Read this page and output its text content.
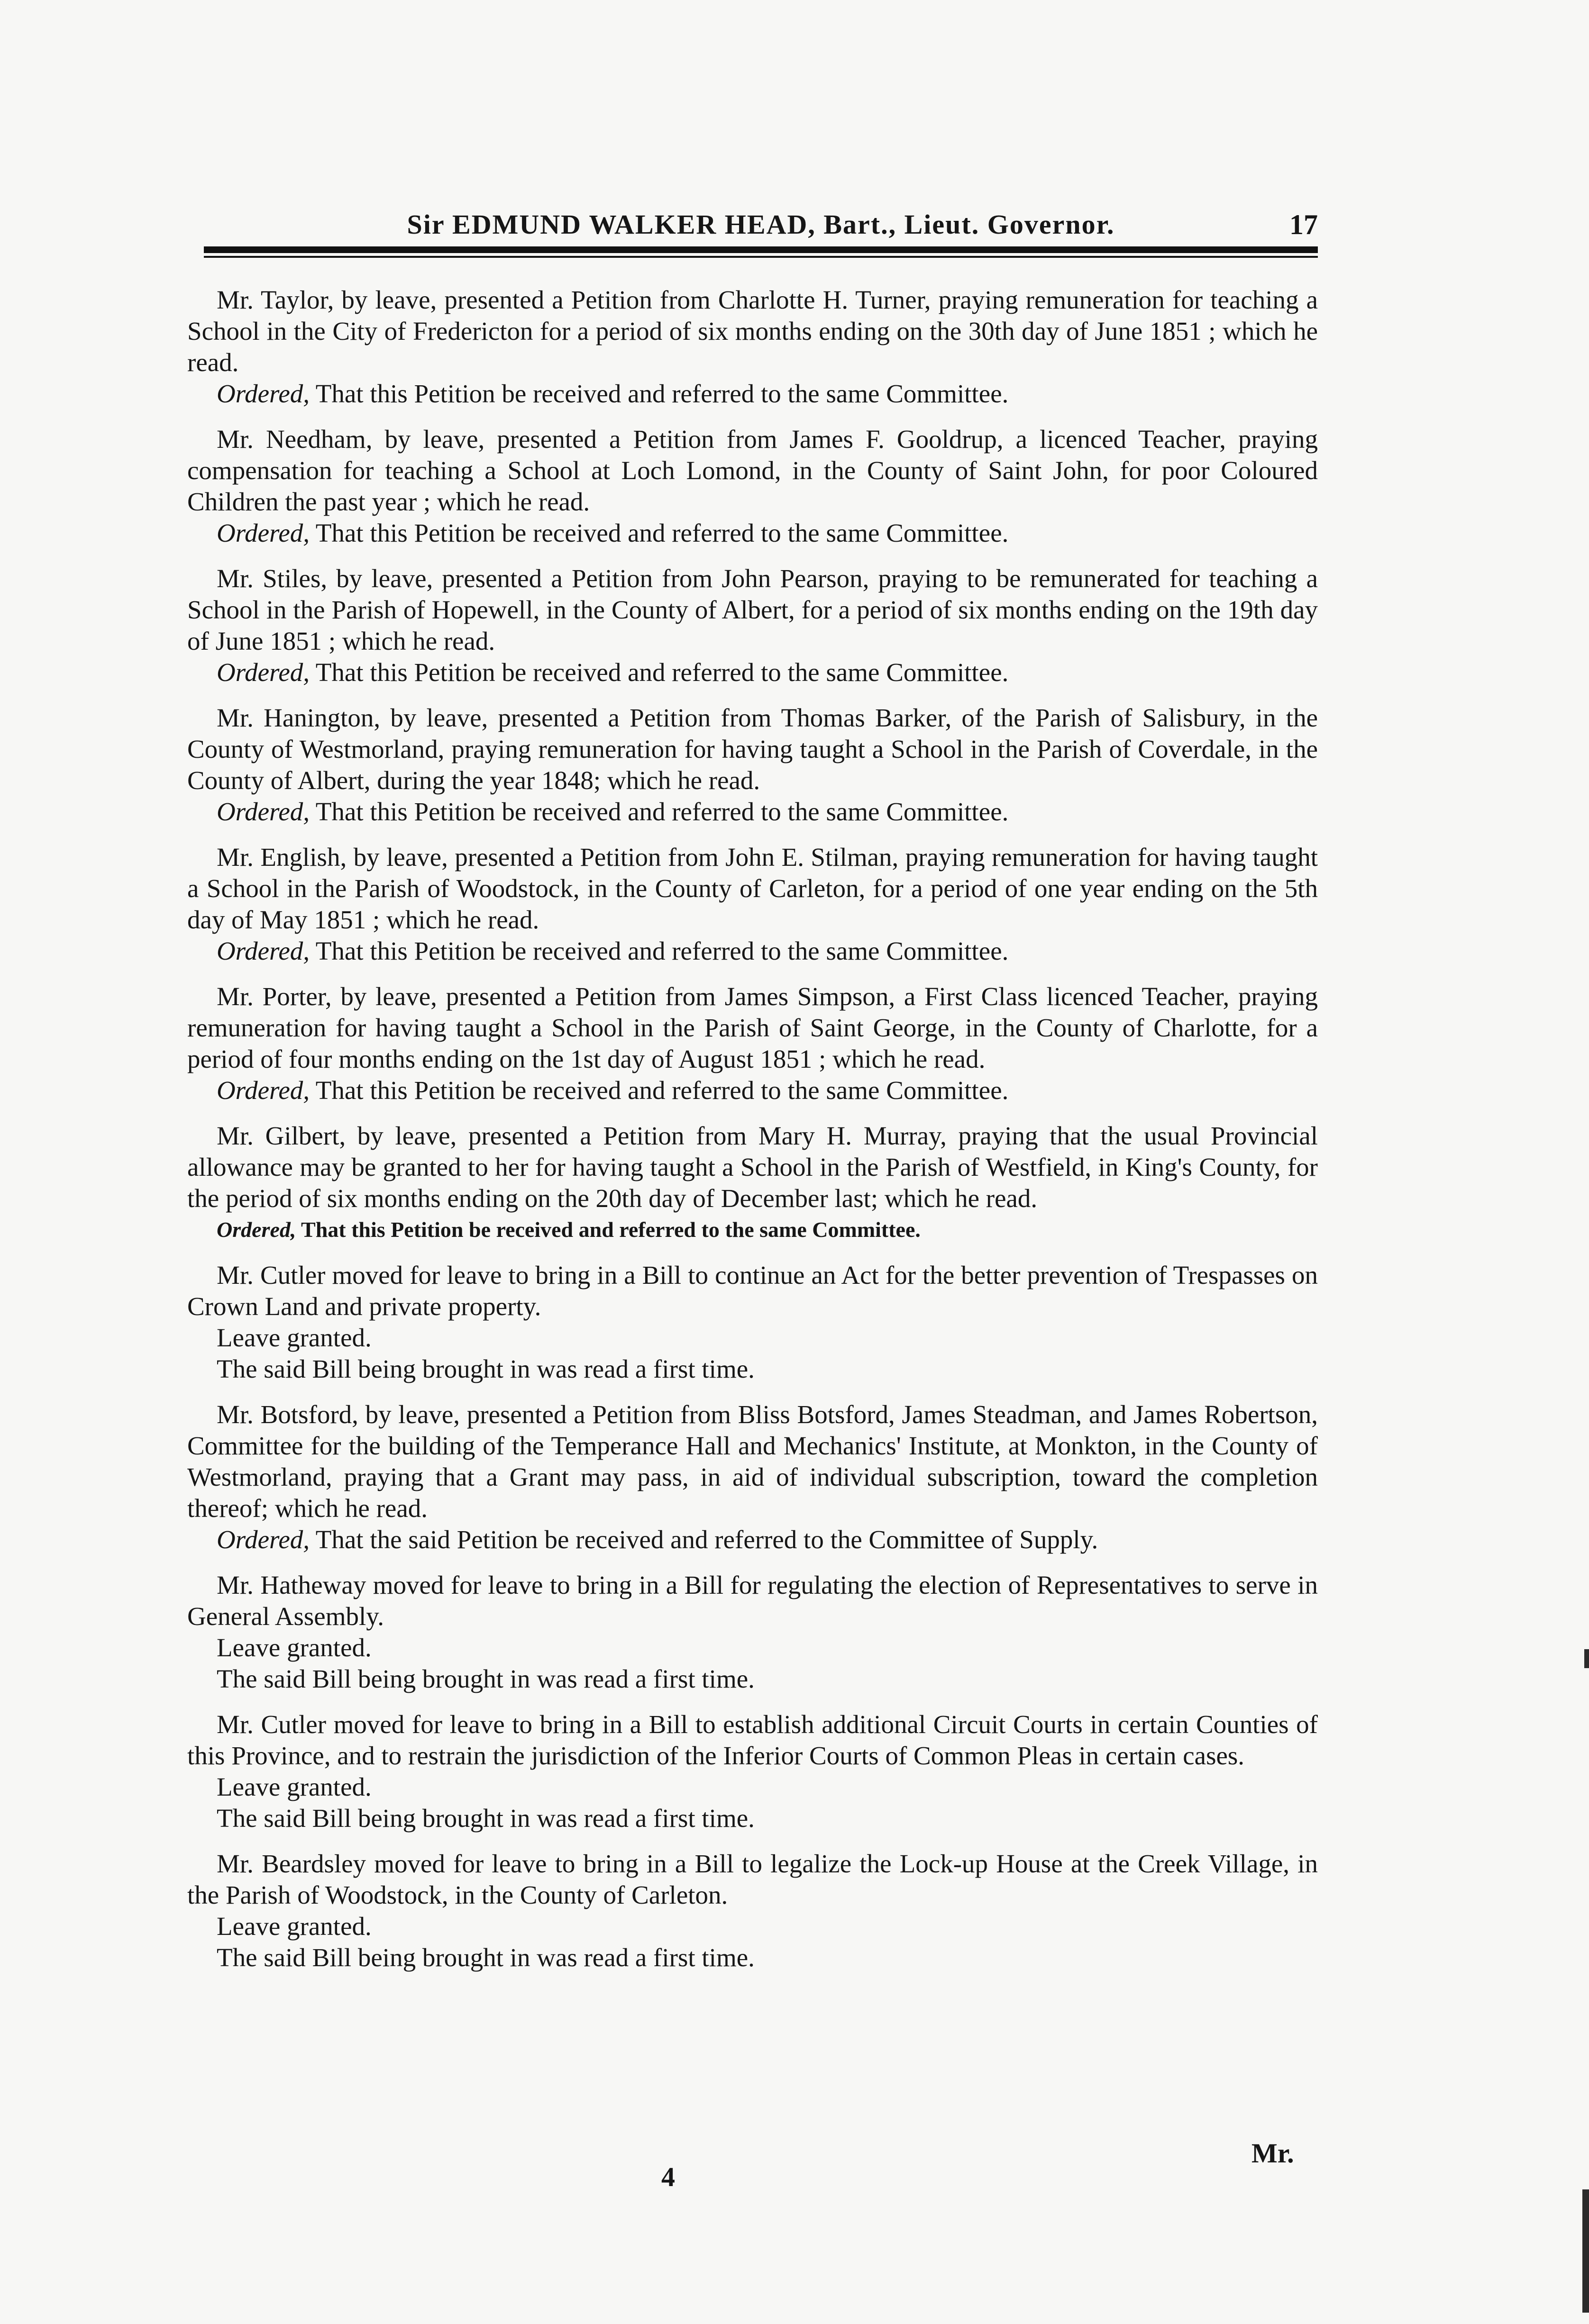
Sir EDMUND WALKER HEAD, Bart., Lieut. Governor.	17

Mr. Taylor, by leave, presented a Petition from Charlotte H. Turner, praying remuneration for teaching a School in the City of Fredericton for a period of six months ending on the 30th day of June 1851 ; which he read.

Ordered, That this Petition be received and referred to the same Committee.

Mr. Needham, by leave, presented a Petition from James F. Gooldrup, a licenced Teacher, praying compensation for teaching a School at Loch Lomond, in the County of Saint John, for poor Coloured Children the past year ; which he read.

Ordered, That this Petition be received and referred to the same Committee.

Mr. Stiles, by leave, presented a Petition from John Pearson, praying to be remunerated for teaching a School in the Parish of Hopewell, in the County of Albert, for a period of six months ending on the 19th day of June 1851 ; which he read.

Ordered, That this Petition be received and referred to the same Committee.

Mr. Hanington, by leave, presented a Petition from Thomas Barker, of the Parish of Salisbury, in the County of Westmorland, praying remuneration for having taught a School in the Parish of Coverdale, in the County of Albert, during the year 1848; which he read.

Ordered, That this Petition be received and referred to the same Committee.

Mr. English, by leave, presented a Petition from John E. Stilman, praying remuneration for having taught a School in the Parish of Woodstock, in the County of Carleton, for a period of one year ending on the 5th day of May 1851 ; which he read.

Ordered, That this Petition be received and referred to the same Committee.

Mr. Porter, by leave, presented a Petition from James Simpson, a First Class licenced Teacher, praying remuneration for having taught a School in the Parish of Saint George, in the County of Charlotte, for a period of four months ending on the 1st day of August 1851 ; which he read.

Ordered, That this Petition be received and referred to the same Committee.

Mr. Gilbert, by leave, presented a Petition from Mary H. Murray, praying that the usual Provincial allowance may be granted to her for having taught a School in the Parish of Westfield, in King's County, for the period of six months ending on the 20th day of December last; which he read.

Ordered, That this Petition be received and referred to the same Committee.

Mr. Cutler moved for leave to bring in a Bill to continue an Act for the better prevention of Trespasses on Crown Land and private property.

Leave granted.

The said Bill being brought in was read a first time.

Mr. Botsford, by leave, presented a Petition from Bliss Botsford, James Steadman, and James Robertson, Committee for the building of the Temperance Hall and Mechanics' Institute, at Monkton, in the County of Westmorland, praying that a Grant may pass, in aid of individual subscription, toward the completion thereof; which he read.

Ordered, That the said Petition be received and referred to the Committee of Supply.

Mr. Hatheway moved for leave to bring in a Bill for regulating the election of Representatives to serve in General Assembly.

Leave granted.

The said Bill being brought in was read a first time.

Mr. Cutler moved for leave to bring in a Bill to establish additional Circuit Courts in certain Counties of this Province, and to restrain the jurisdiction of the Inferior Courts of Common Pleas in certain cases.

Leave granted.

The said Bill being brought in was read a first time.

Mr. Beardsley moved for leave to bring in a Bill to legalize the Lock-up House at the Creek Village, in the Parish of Woodstock, in the County of Carleton.

Leave granted.

The said Bill being brought in was read a first time.

Mr.
4
